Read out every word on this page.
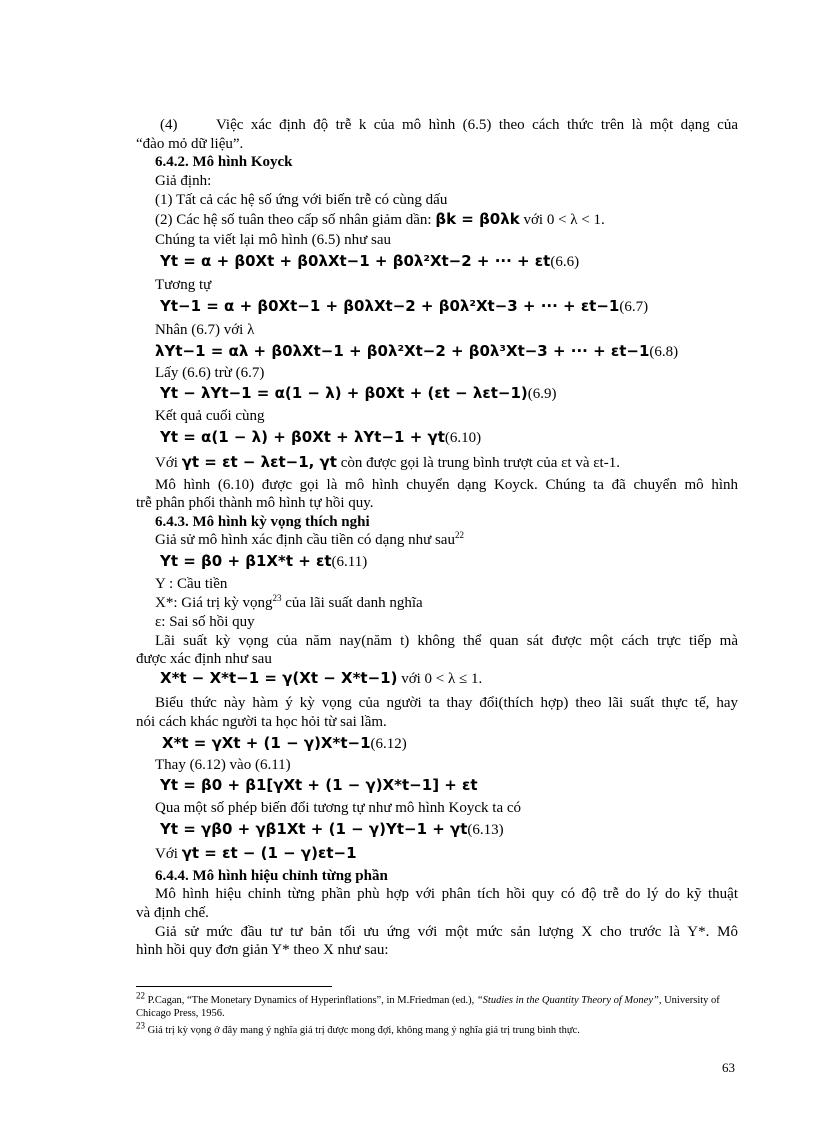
(4)	Việc xác định độ trễ k của mô hình (6.5) theo cách thức trên là một dạng của
“đào mỏ dữ liệu”.
6.4.2. Mô hình Koyck
Giả định:
(1) Tất cả các hệ số ứng với biến trễ có cùng dấu
(2) Các hệ số tuân theo cấp số nhân giảm dần: βk = β0λk với 0 < λ < 1.
Chúng ta viết lại mô hình (6.5) như sau
Yt = α + β0Xt + β0λXt−1 + β0λ²Xt−2 + ··· + εt(6.6)
Tương tự
Yt−1 = α + β0Xt−1 + β0λXt−2 + β0λ²Xt−3 + ··· + εt−1(6.7)
Nhân (6.7) với λ
λYt−1 = αλ + β0λXt−1 + β0λ²Xt−2 + β0λ³Xt−3 + ··· + εt−1(6.8)
Lấy (6.6) trừ (6.7)
Yt − λYt−1 = α(1 − λ) + β0Xt + (εt − λεt−1)(6.9)
Kết quả cuối cùng
Yt = α(1 − λ) + β0Xt + λYt−1 + γt(6.10)
Với γt = εt − λεt−1, γt còn được gọi là trung bình trượt của εt và εt-1.
Mô hình (6.10) được gọi là mô hình chuyển dạng Koyck. Chúng ta đã chuyển mô hình
trễ phân phối thành mô hình tự hồi quy.
6.4.3. Mô hình kỳ vọng thích nghi
Giả sử mô hình xác định cầu tiền có dạng như sau$^{22}$
Yt = β0 + β1X*t + εt(6.11)
Y : Cầu tiền
X*: Giá trị kỳ vọng$^{23}$ của lãi suất danh nghĩa
ε: Sai số hồi quy
Lãi suất kỳ vọng của năm nay(năm t) không thể quan sát được một cách trực tiếp mà
được xác định như sau
X*t − X*t−1 = γ(Xt − X*t−1) với 0 < λ ≤ 1.
Biểu thức này hàm ý kỳ vọng của người ta thay đổi(thích hợp) theo lãi suất thực tế, hay
nói cách khác người ta học hỏi từ sai lầm.
X*t = γXt + (1 − γ)X*t−1(6.12)
Thay (6.12) vào (6.11)
Yt = β0 + β1[γXt + (1 − γ)X*t−1] + εt
Qua một số phép biến đổi tương tự như mô hình Koyck ta có
Yt = γβ0 + γβ1Xt + (1 − γ)Yt−1 + γt(6.13)
Với γt = εt − (1 − γ)εt−1
6.4.4. Mô hình hiệu chỉnh từng phần
Mô hình hiệu chỉnh từng phần phù hợp với phân tích hồi quy có độ trễ do lý do kỹ thuật
và định chế.
Giả sử mức đầu tư tư bản tối ưu ứng với một mức sản lượng X cho trước là Y*. Mô
hình hồi quy đơn giản Y* theo X như sau:
$^{22}$ P.Cagan, “The Monetary Dynamics of Hyperinflations”, in M.Friedman (ed.), “Studies in the Quantity Theory of Money”, University of Chicago Press, 1956.
$^{23}$ Giá trị kỳ vọng ở đây mang ý nghĩa giá trị được mong đợi, không mang ý nghĩa giá trị trung bình thực.
63
